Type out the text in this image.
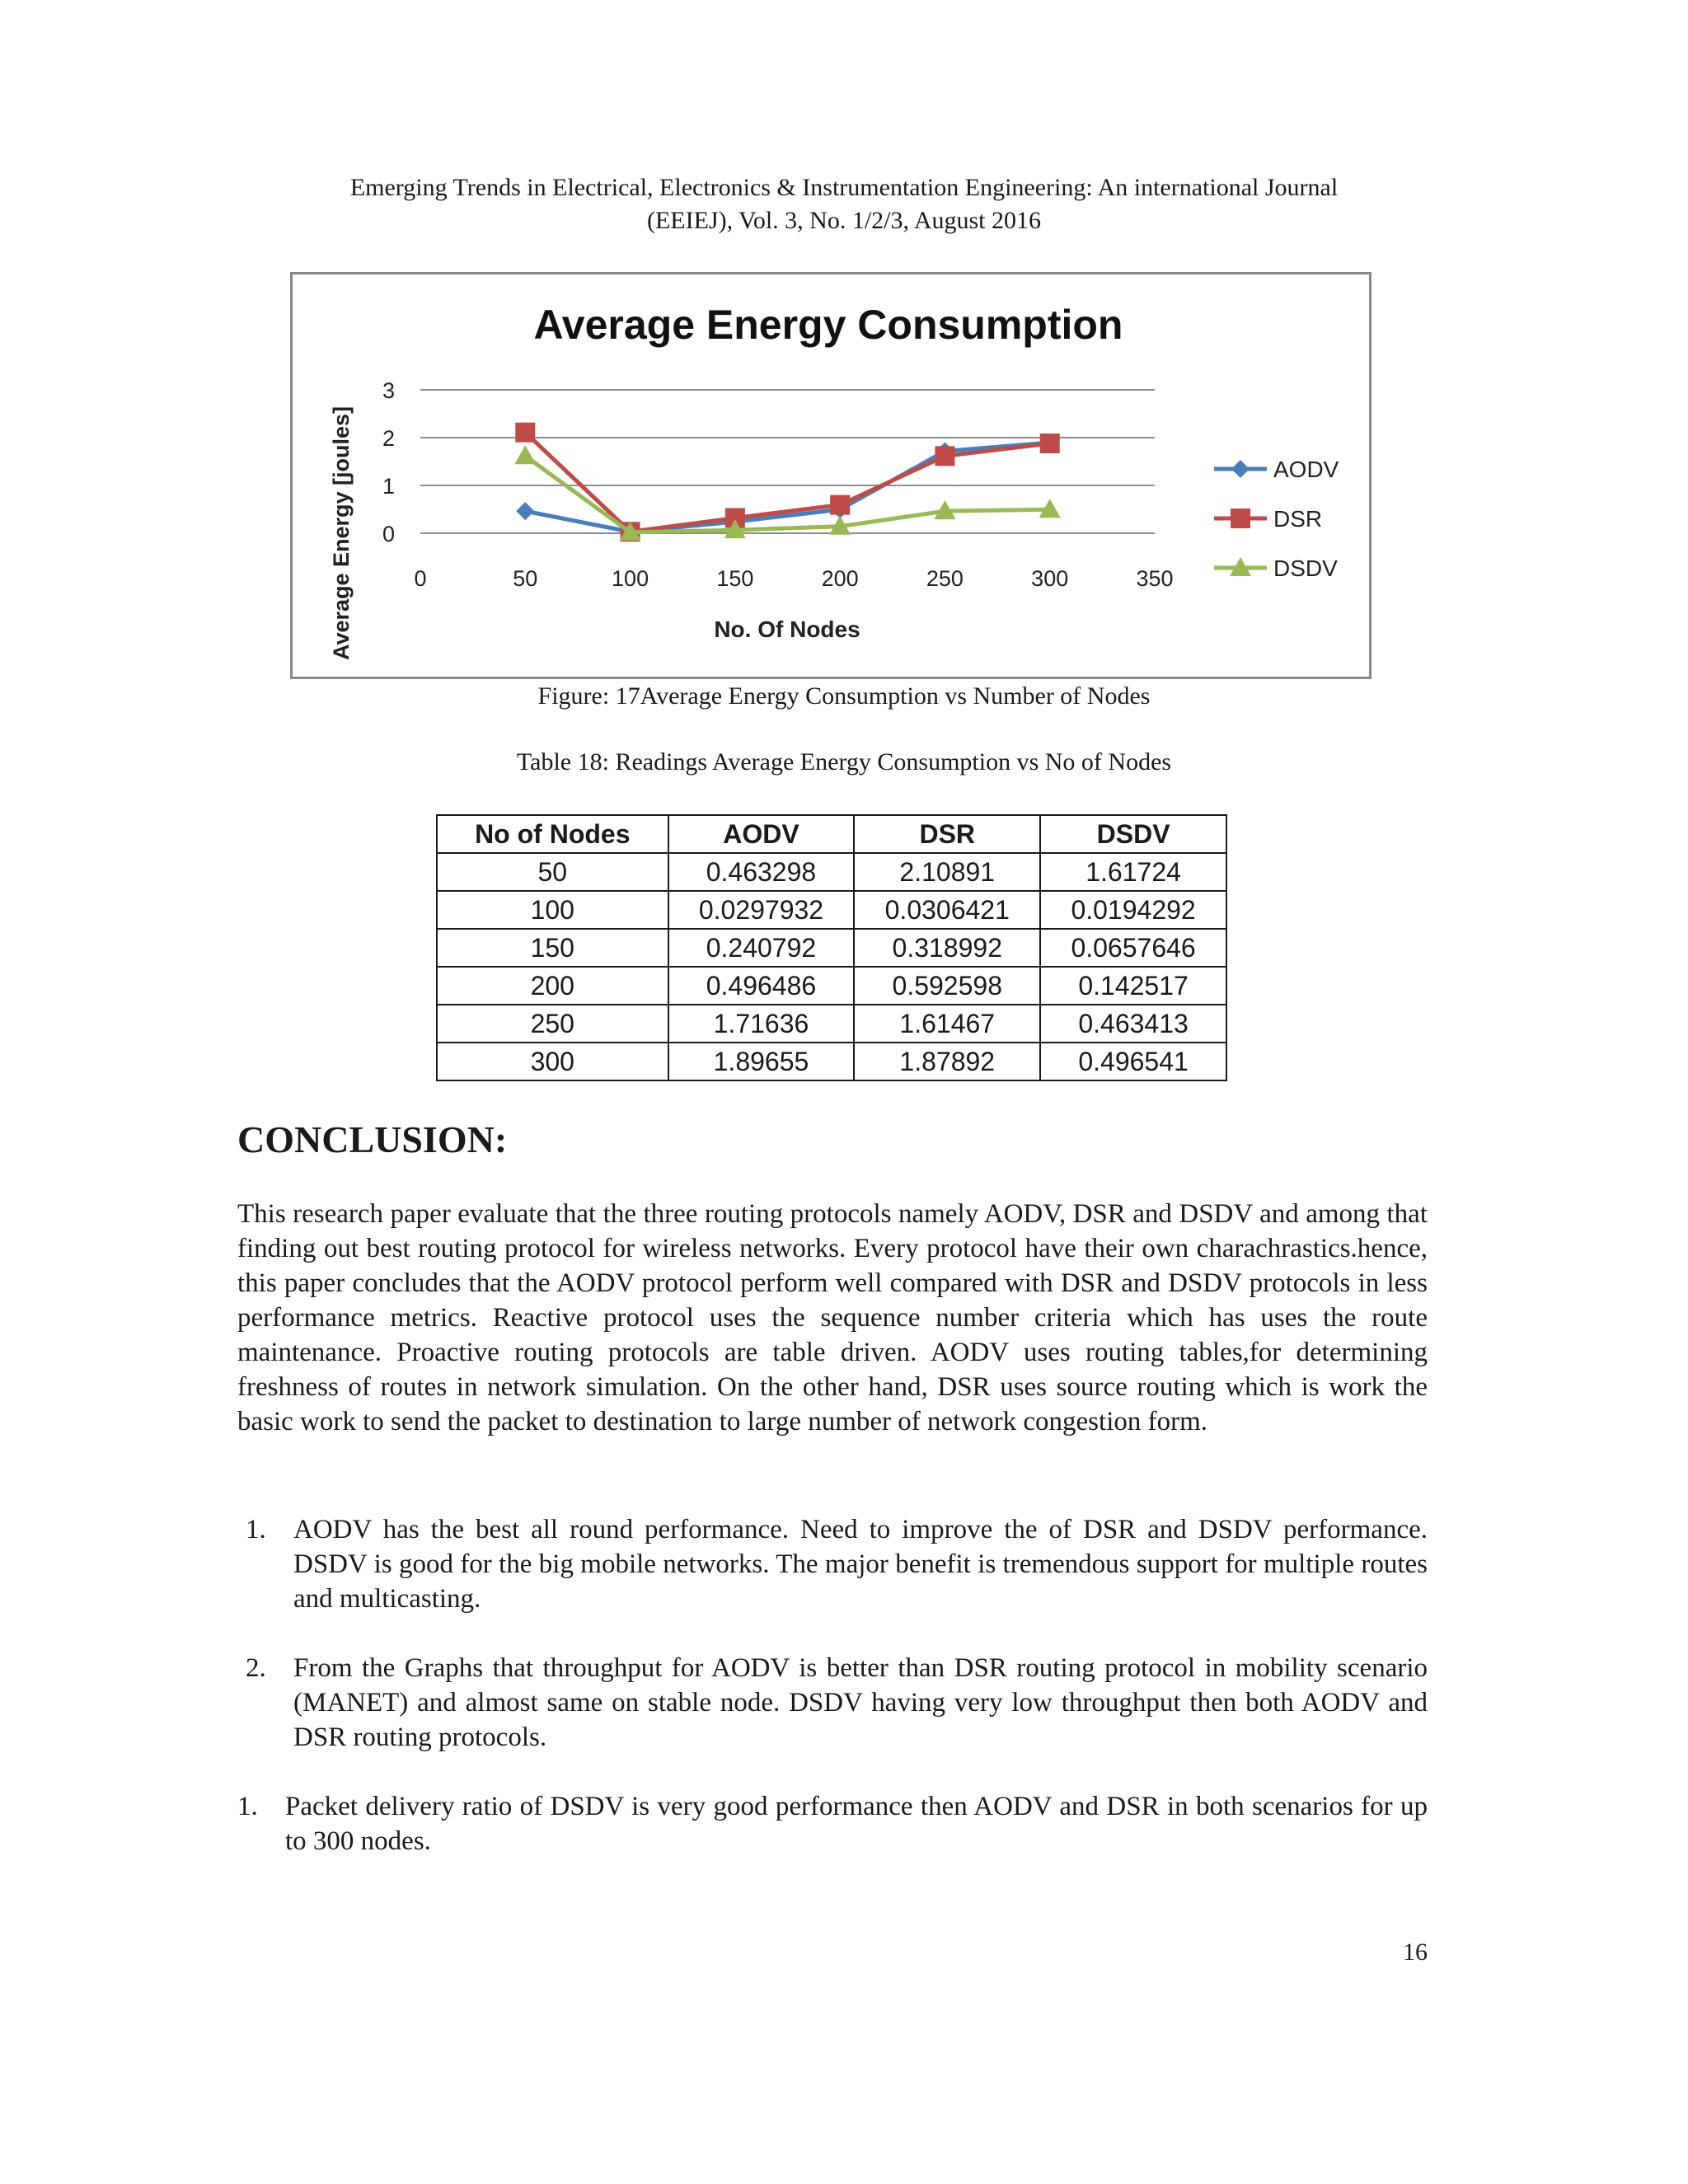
Emerging Trends in Electrical, Electronics & Instrumentation Engineering: An international Journal
(EEIEJ), Vol. 3, No. 1/2/3, August 2016
Average Energy Consumption
0
1
2
3
0	50	100	150	200	250	300	350
No. Of Nodes
Average Energy [joules]	AODV
DSR
DSDV
Figure: 17Average Energy Consumption vs Number of Nodes
Table 18: Readings Average Energy Consumption vs No of Nodes
No of Nodes	AODV	DSR	DSDV
50	0.463298	2.10891	1.61724
100	0.0297932	0.0306421	0.0194292
150	0.240792	0.318992	0.0657646
200	0.496486	0.592598	0.142517
250	1.71636	1.61467	0.463413
300	1.89655	1.87892	0.496541
CONCLUSION:

This research paper evaluate that the three routing protocols namely AODV, DSR and DSDV and among that finding out best routing protocol for wireless networks. Every protocol have their own charachrastics.hence, this paper concludes that the AODV protocol perform well compared with DSR and DSDV protocols in less performance metrics. Reactive protocol uses the sequence number criteria which has uses the route maintenance. Proactive routing protocols are table driven. AODV uses routing tables,for determining freshness of routes in network simulation. On the other hand, DSR uses source routing which is work the basic work to send the packet to destination to large number of network congestion form.

1. AODV has the best all round performance. Need to improve the of DSR and DSDV performance. DSDV is good for the big mobile networks. The major benefit is tremendous support for multiple routes and multicasting.
2. From the Graphs that throughput for AODV is better than DSR routing protocol in mobility scenario (MANET) and almost same on stable node. DSDV having very low throughput then both AODV and DSR routing protocols.
1. Packet delivery ratio of DSDV is very good performance then AODV and DSR in both scenarios for up to 300 nodes.
16
